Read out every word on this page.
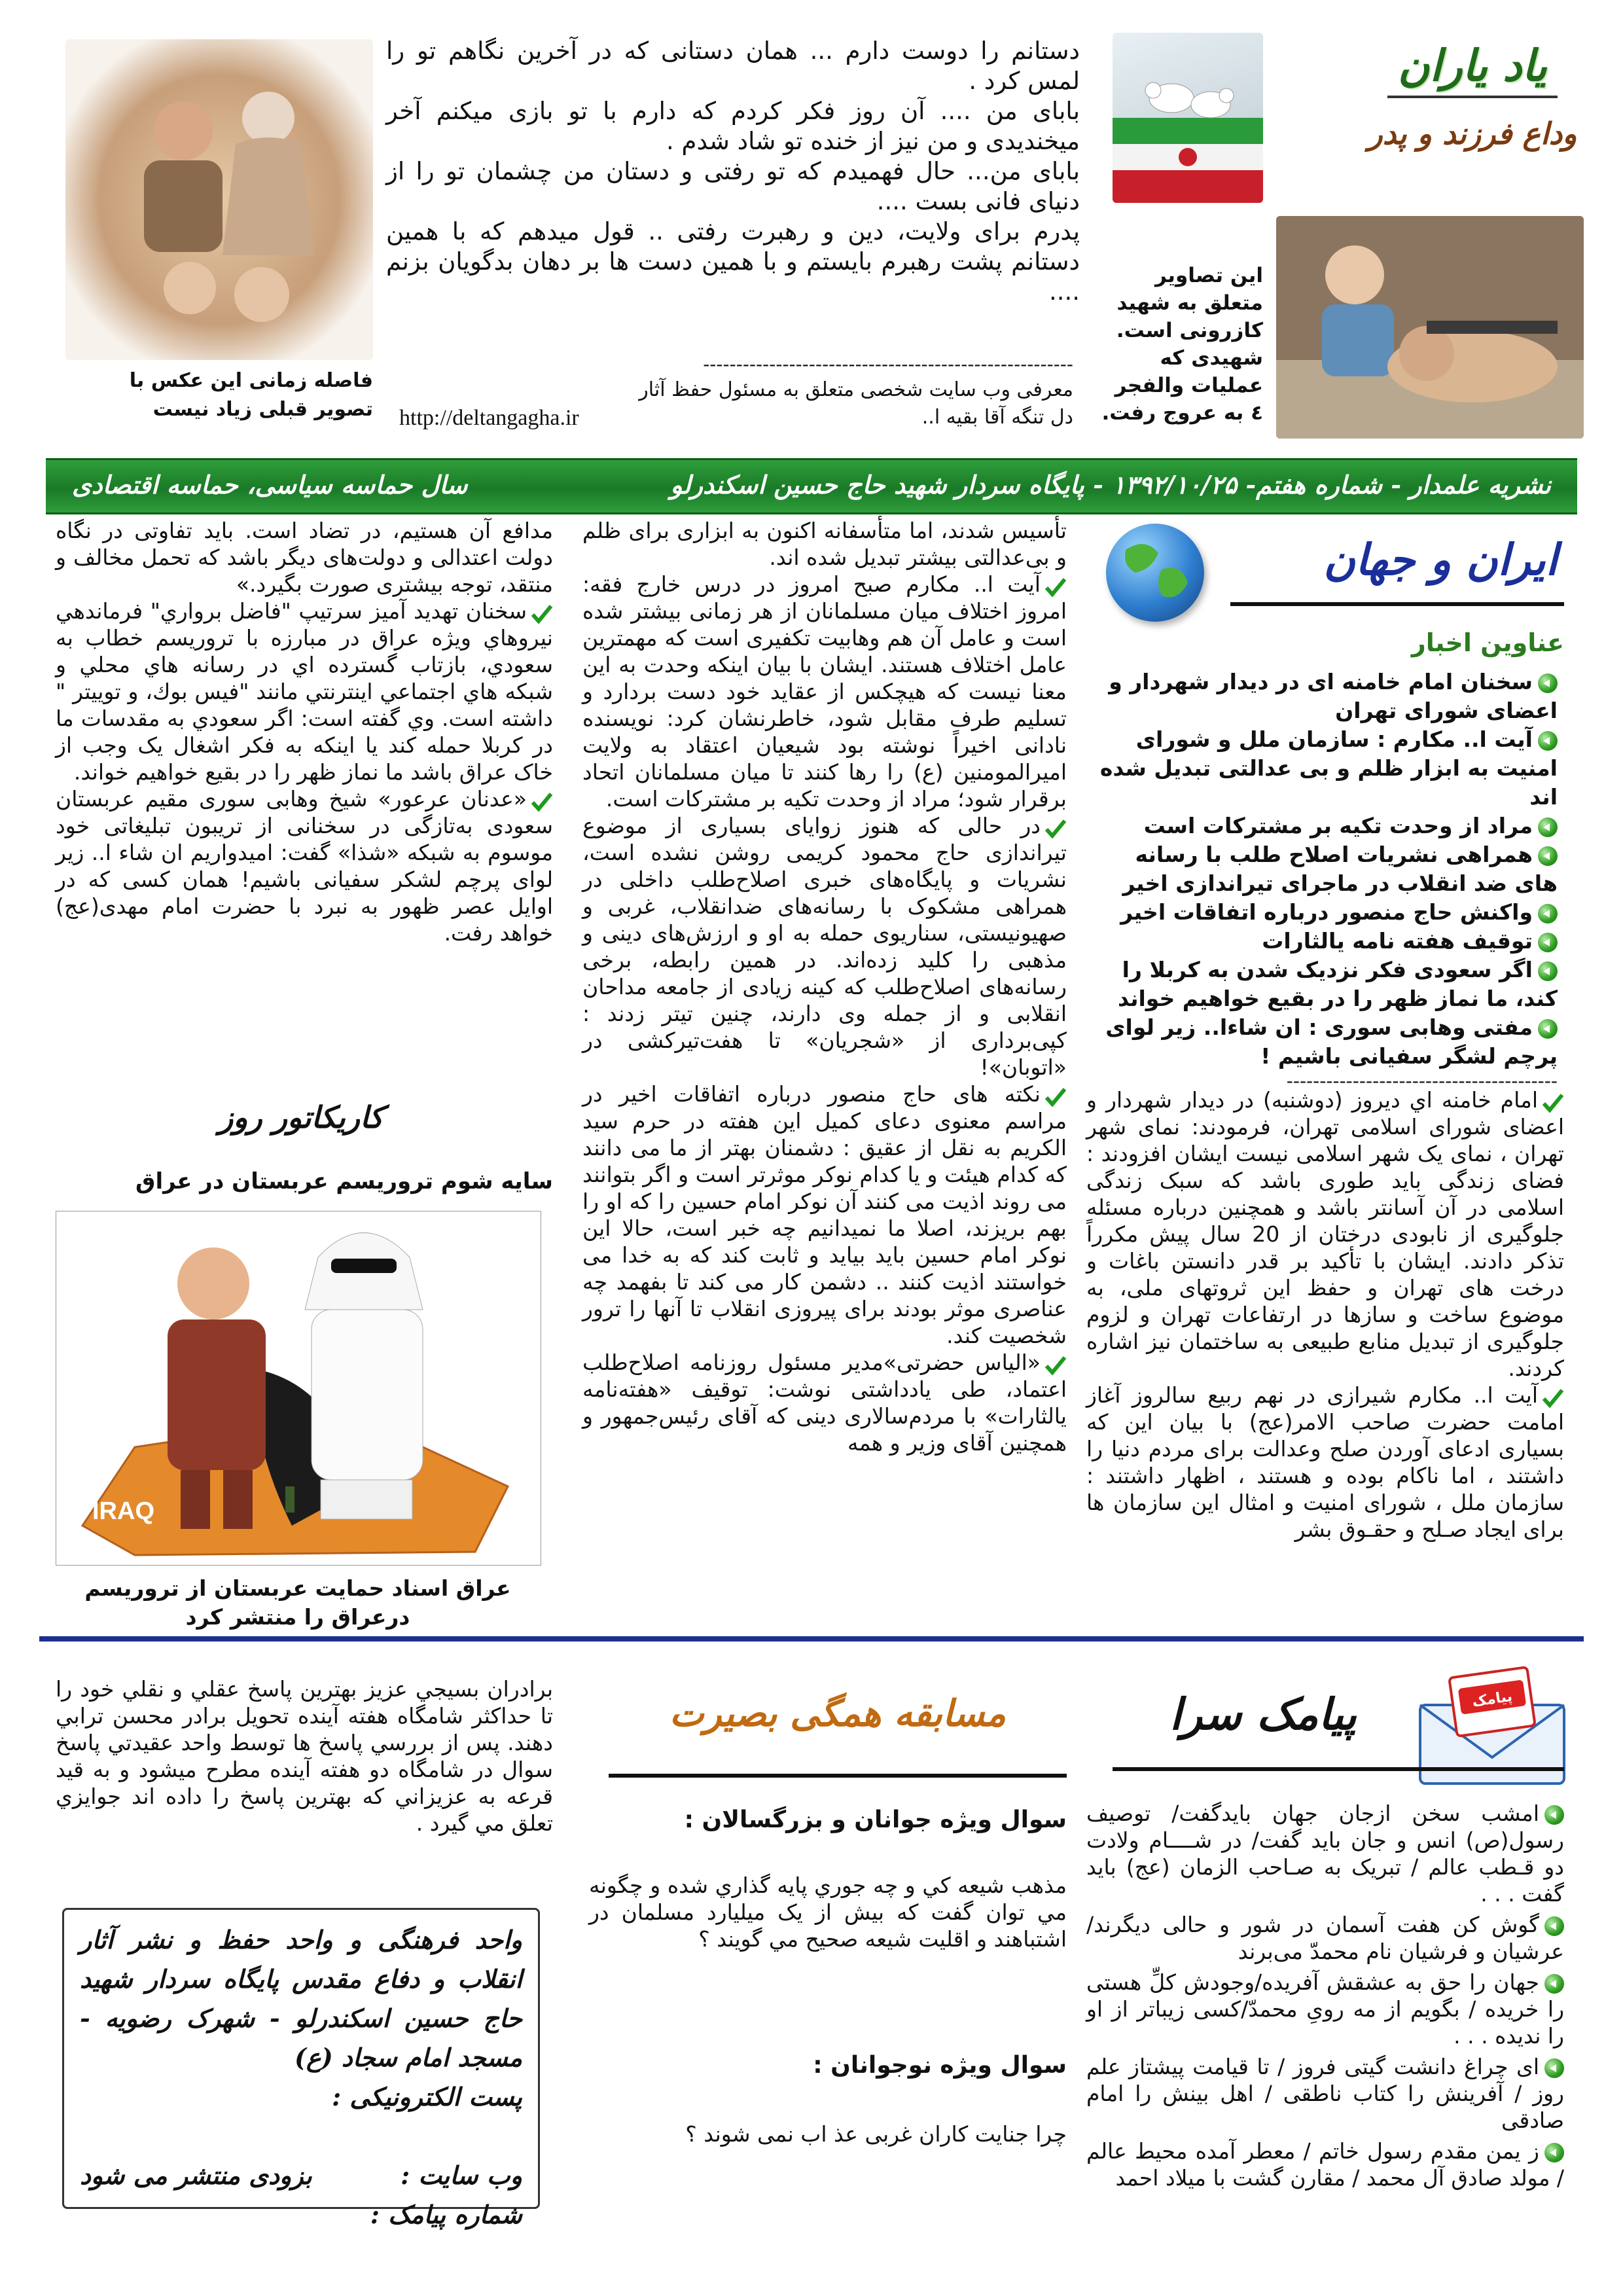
یاد یاران
وداع فرزند و پدر
این تصاویر متعلق به شهید کازرونی است. شهیدی که عملیات والفجر ٤ به عروج رفت.
دستانم را دوست دارم ... همان دستانی که در آخرین نگاهم تو را لمس کرد .
بابای من .... آن روز فکر کردم که دارم با تو بازی میکنم آخر میخندیدی و من نیز از خنده تو شاد شدم .
بابای من... حال فهمیدم که تو رفتی و دستان من چشمان تو را از دنیای فانی بست ....
پدرم برای ولایت، دین و رهبرت رفتی .. قول میدهم که با همین دستانم پشت رهبرم بایستم و با همین دست ها بر دهان بدگویان بزنم ....
--------------------------------------------------------
معرفی وب سایت شخصی متعلق به مسئول حفظ آثار
دل تنگه آقا بقیه ا..
http://deltangagha.ir
فاصله زمانی این عکس با تصویر قبلی زیاد نیست
نشریه علمدار - شماره هفتم- ۱۳۹۲/۱۰/۲۵ - پایگاه سردار شهید حاج حسین اسکندرلو
سال حماسه سیاسی، حماسه اقتصادی
ایران و جهان
عناوین اخبار
سخنان امام خامنه ای در دیدار شهردار و اعضای شورای تهران
آیت ا.. مکارم : سازمان ملل و شورای امنیت به ابزار ظلم و بی عدالتی تبدیل شده اند
مراد از وحدت تکیه بر مشترکات است
همراهی نشریات اصلاح طلب با رسانه های ضد انقلاب در ماجرای تیراندازی اخیر
واکنش حاج منصور درباره اتفاقات اخیر
توقیف هفته نامه یالثارات
اگر سعودی فکر نزدیک شدن به کربلا را کند، ما نماز ظهر را در بقیع خواهیم خواند
مفتی وهابی سوری : ان شاءا.. زیر لوای پرچم لشگر سفیانی باشیم !
-----------------------------------------
امام خامنه اي ديروز (دوشنبه) در ديدار شهردار و اعضای شورای اسلامی تهران، فرمودند: نمای شهر تهران ، نمای یک شهر اسلامی نیست ایشان افزودند : فضای زندگی باید طوری باشد که سبک زندگی اسلامی در آن آسانتر باشد و همچنین درباره مسئله جلوگیری از نابودی درختان از 20 سال پیش مکرراً تذکر دادند. ایشان با تأکید بر قدر دانستن باغات و درخت های تهران و حفظ این ثروتهای ملی، به موضوع ساخت و سازها در ارتفاعات تهران و لزوم جلوگیری از تبدیل منابع طبیعی به ساختمان نیز اشاره کردند.
آیت ا.. مکارم شیرازی در نهم ربیع سالروز آغاز امامت حضرت صاحب الامر(عج) با بیان این که بسیاری ادعای آوردن صلح وعدالت برای مردم دنیا را داشتند ، اما ناکام بوده و هستند ، اظهار داشتند : سازمان ملل ، شورای امنیت و امثال این سازمان ها برای ایجاد صـلح و حقـوق بشر
تأسیس شدند، اما متأسفانه اکنون به ابزاری برای ظلم و بی‌عدالتی بیشتر تبدیل شده اند.
آیت ا.. مکارم صبح امروز در درس خارج فقه: امروز اختلاف میان مسلمانان از هر زمانی بیشتر شده است و عامل آن هم وهابیت تکفیری است که مهمترین عامل اختلاف هستند. ایشان با بیان اینکه وحدت به این معنا نیست که هیچکس از عقاید خود دست بردارد و تسلیم طرف مقابل شود، خاطرنشان کرد: نویسنده نادانی اخیراً نوشته بود شیعیان اعتقاد به ولایت امیرالمومنین (ع) را رها کنند تا میان مسلمانان اتحاد برقرار شود؛ مراد از وحدت تکیه بر مشترکات است.
در حالی که هنوز زوایای بسیاری از موضوع تیراندازی حاج محمود کریمی روشن نشده است، نشریات و پایگاه‌های خبری اصلاح‌طلب داخلی در همراهی مشکوک با رسانه‌های ضدانقلاب، غربی و صهیونیستی، سناریوی حمله به او و ارزش‌های دینی و مذهبی را کلید زده‌اند. در همین رابطه، برخی رسانه‌های اصلاح‌طلب که کینه زیادی از جامعه مداحان انقلابی و از جمله وی دارند، چنین تیتر زدند : کپی‌برداری از «شجریان» تا هفت‌تیرکشی در «اتوبان»!
نکته های حاج منصور درباره اتفاقات اخیر در مراسم معنوی دعای کمیل این هفته در حرم سید الکریم به نقل از عقیق : دشمنان بهتر از ما می دانند که کدام هیئت و یا کدام نوکر موثرتر است و اگر بتوانند می روند اذیت می کنند آن نوکر امام حسین را که او را بهم بریزند، اصلا ما نمیدانیم چه خبر است، حالا این نوکر امام حسین باید بیاید و ثابت کند که به خدا می خواستند اذیت کنند .. دشمن کار می کند تا بفهمد چه عناصری موثر بودند برای پیروزی انقلاب تا آنها را ترور شخصیت کند.
«الیاس حضرتی»مدیر مسئول روزنامه اصلاح‌طلب اعتماد، طی یادداشتی نوشت: توقیف «هفته‌نامه یالثارات» با مردم‌سالاری دینی که آقای رئیس‌جمهور و همچنین آقای وزیر و همه
مدافع آن هستیم، در تضاد است. باید تفاوتی در نگاه دولت اعتدالی و دولت‌های دیگر باشد که تحمل مخالف و منتقد، توجه بیشتری صورت بگیرد.»
سخنان تهديد آميز سرتيپ "فاضل برواري" فرماندهي نيروهاي ويژه عراق در مبارزه با تروريسم خطاب به سعودي، بازتاب گسترده اي در رسانه هاي محلي و شبكه هاي اجتماعي اينترنتي مانند "فيس بوك، و توييتر " داشته است. وي گفته است: اگر سعودي به مقدسات ما در كربلا حمله كند يا اينكه به فكر اشغال يک وجب از خاک عراق باشد ما نماز ظهر را در بقيع خواهيم خواند.
«عدنان عرعور» شیخ وهابی سوری مقیم عربستان سعودی به‌تازگی در سخنانی از تریبون تبلیغاتی خود موسوم به شبکه «شذا» گفت: امیدواریم ان شاء ا.. زیر لوای پرچم لشکر سفیانی باشیم! همان کسی که در اوایل عصر ظهور به نبرد با حضرت امام مهدی(عج) خواهد رفت.
کاریکاتور روز
سایه شوم تروریسم عربستان در عراق
IRAQ
عراق اسناد حمایت عربستان از تروریسم درعراق را منتشر کرد
پیامک
پیامک سرا
امشب سخن ازجان جهان بایدگفت/ توصیف رسول(ص) انس و جان باید گفت/ در شــــام ولادت دو قـطب عالم / تبریک به صـاحب الزمان (عج) باید گفت . . .
گوش کن هفت آسمان در شور و حالی دیگرند/عرشیان و فرشیان نام محمدّ می‌برند
جهان را حق به عشقش آفریده/وجودش کلِّ هستی را خریده / بگویم از مه رویِ محمدّ/کسی زیباتر از او را ندیده . . .
ای چراغ دانشت گیتی فروز / تا قیامت پیشتاز علم روز / آفرینش را کتاب ناطقی / اهل بینش را امام صادقی
ز یمن مقدم رسول خاتم / معطر آمده محیط عالم / مولد صادق آل محمد / مقارن گشت با میلاد احمد
مسابقه همگی بصیرت
سوال ویژه جوانان و بزرگسالان :
مذهب شيعه كي و چه جوري پايه گذاري شده و چگونه مي توان گفت كه بيش از يک ميليارد مسلمان در اشتباهند و اقليت شيعه صحيح مي گويند ؟
سوال ویژه نوجوانان :
چرا جنایت کاران غربی عذ اب نمی شوند ؟
برادران بسيجي عزيز بهترين پاسخ عقلي و نقلي خود را تا حداكثر شامگاه هفته آينده تحويل برادر محسن ترابي دهند. پس از بررسي پاسخ ها توسط واحد عقيدتي پاسخ سوال در شامگاه دو هفته آينده مطرح ميشود و به قيد قرعه به عزيزاني كه بهترين پاسخ را داده اند جوايزي تعلق مي گيرد .
واحد فرهنگی و واحد حفظ و نشر آثار انقلاب و دفاع مقدس پایگاه سردار شهید حاج حسین اسکندرلو - شهرک رضویه - مسجد امام سجاد (ع)
پست الکترونیکی :
وب سایت :
بزودی منتشر می شود
شماره پیامک :
